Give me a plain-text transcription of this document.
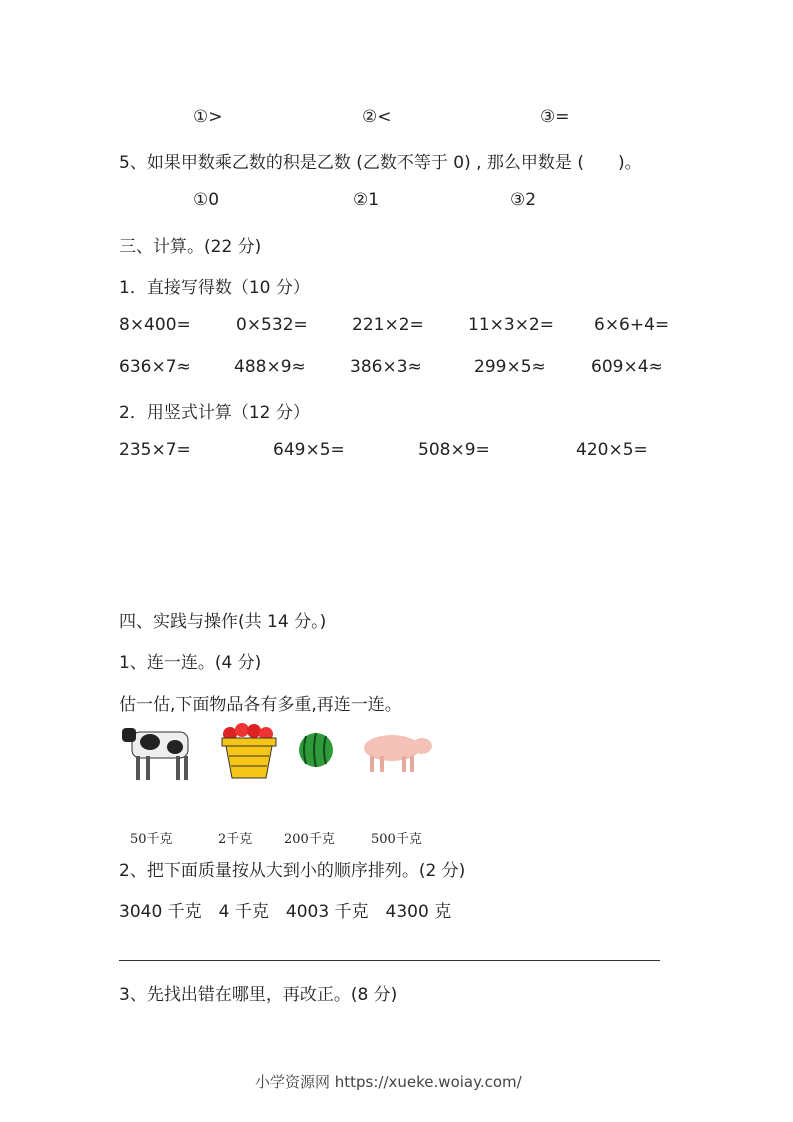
①>	②<	③=
5、如果甲数乘乙数的积是乙数 (乙数不等于 0) , 那么甲数是 (　　)。
①0	②1	③2
三、计算。(22 分)
1．直接写得数（10 分）
8×400=	0×532=	221×2=	11×3×2= 6×6+4=
636×7≈	488×9≈	386×3≈	299×5≈	609×4≈
2．用竖式计算（12 分）
235×7=	649×5=	508×9=	420×5=
四、实践与操作(共 14 分。)
1、连一连。(4 分)
估一估,下面物品各有多重,再连一连。
50千克	2千克 200千克	500千克
2、把下面质量按从大到小的顺序排列。(2 分)
3040 千克　4 千克　4003 千克　4300 克
3、先找出错在哪里，再改正。(8 分)
小学资源网 https://xueke.woiay.com/
